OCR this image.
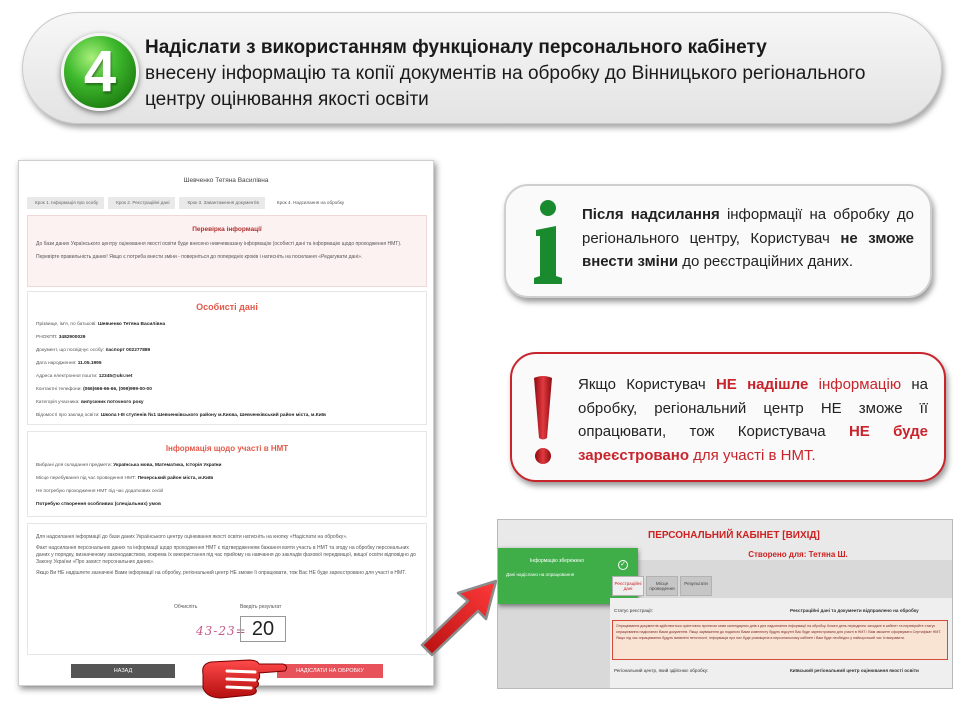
4	Надіслати з використанням функціоналу персонального кабінету
внесену інформацію та копії документів на обробку до Вінницького регіонального центру оцінювання якості освіти
Шевченко Тетяна Василівна
Крок 1. Інформація про особу	Крок 2. Реєстраційні дані	Крок 3. Завантаження документів	Крок 4. Надсилання на обробку
Перевірка інформації
До бази даних Українського центру оцінювання якості освіти буде внесено нижчевказану інформацію (особисті дані та інформацію щодо проходження НМТ).
Перевірте правильність даних! Якщо є потреба внести зміни - поверніться до попередніх кроків і натисніть на посилання «Редагувати дані».
Особисті дані
Прізвище, ім'я, по батькові: Шевченко Тетяна Василівна
РНОКПП: 3482900029
Документ, що посвідчує особу: паспорт 002277889
Дата народження: 11.05.1995
Адреса електронної пошти: 12345@ukr.net
Контактні телефони: (066)666-66-66, (099)999-00-00
Категорія учасника: випускник поточного року
Відомості про заклад освіти: Школа І-ІІІ ступенів №1 Шевченківського району м.Києва, Шевченківський район міста, м.Київ
Інформація щодо участі в НМТ
Вибрані для складання предмети: Українська мова, Математика, Історія України
Місце перебування під час проведення НМТ: Печерський район міста, м.Київ
Не потребую проходження НМТ під час додаткових сесій
Потребую створення особливих (спеціальних) умов
Для надсилання інформації до бази даних Українського центру оцінювання якості освіти натисніть на кнопку «Надіслати на обробку».
Факт надсилання персональних даних та інформації щодо проходження НМТ є підтвердженням бажання взяти участь в НМТ та згоду на обробку персональних даних у порядку, визначеному законодавством, зокрема їх використання під час прийому на навчання до закладів фахової передвищої, вищої освіти відповідно до Закону України «Про захист персональних даних».
Якщо Ви НЕ надішлете зазначені Вами інформації на обробку, регіональний центр НЕ зможе її опрацювати, тож Вас НЕ буде зареєстровано для участі в НМТ.
Обчисліть	Введіть результат
43-23= 20
НАЗАД	НАДІСЛАТИ НА ОБРОБКУ
Після надсилання інформації на обробку до регіонального центру, Користувач не зможе внести зміни до реєстраційних даних.
Якщо Користувач НЕ надішле інформацію на обробку, регіональний центр НЕ зможе її опрацювати, тож Користувача НЕ буде зареєстровано для участі в НМТ.
ПЕРСОНАЛЬНИЙ КАБІНЕТ [ВИХІД]
Створено для: Тетяна Ш.
Інформацію збережено
Дані надіслано на опрацювання
✓
Реєстраційні дані
Місце проведення
Результати
Статус реєстрації:	Реєстраційні дані та документи відправлено на обробку
Опрацювання документів здійснюється орієнтовно протягом семи календарних днів з дня надсилання інформації на обробку. Кожен день періодично заходьте в кабінет та перевіряйте статус опрацювання надісланих Вами документів. Якщо зауваження до поданого Вами комплекту будуть відсутні Вас буде зареєстровано для участі в НМТ і Вам зможете сформувати Сертифікат НМТ. Якщо під час опрацювання будуть виявлені неточності, інформація про них буде розміщена в персональному кабінеті і Вам буде необхідно у найкоротший час їх виправити.
Регіональний центр, який здійснює обробку:	Київський регіональний центр оцінювання якості освіти
